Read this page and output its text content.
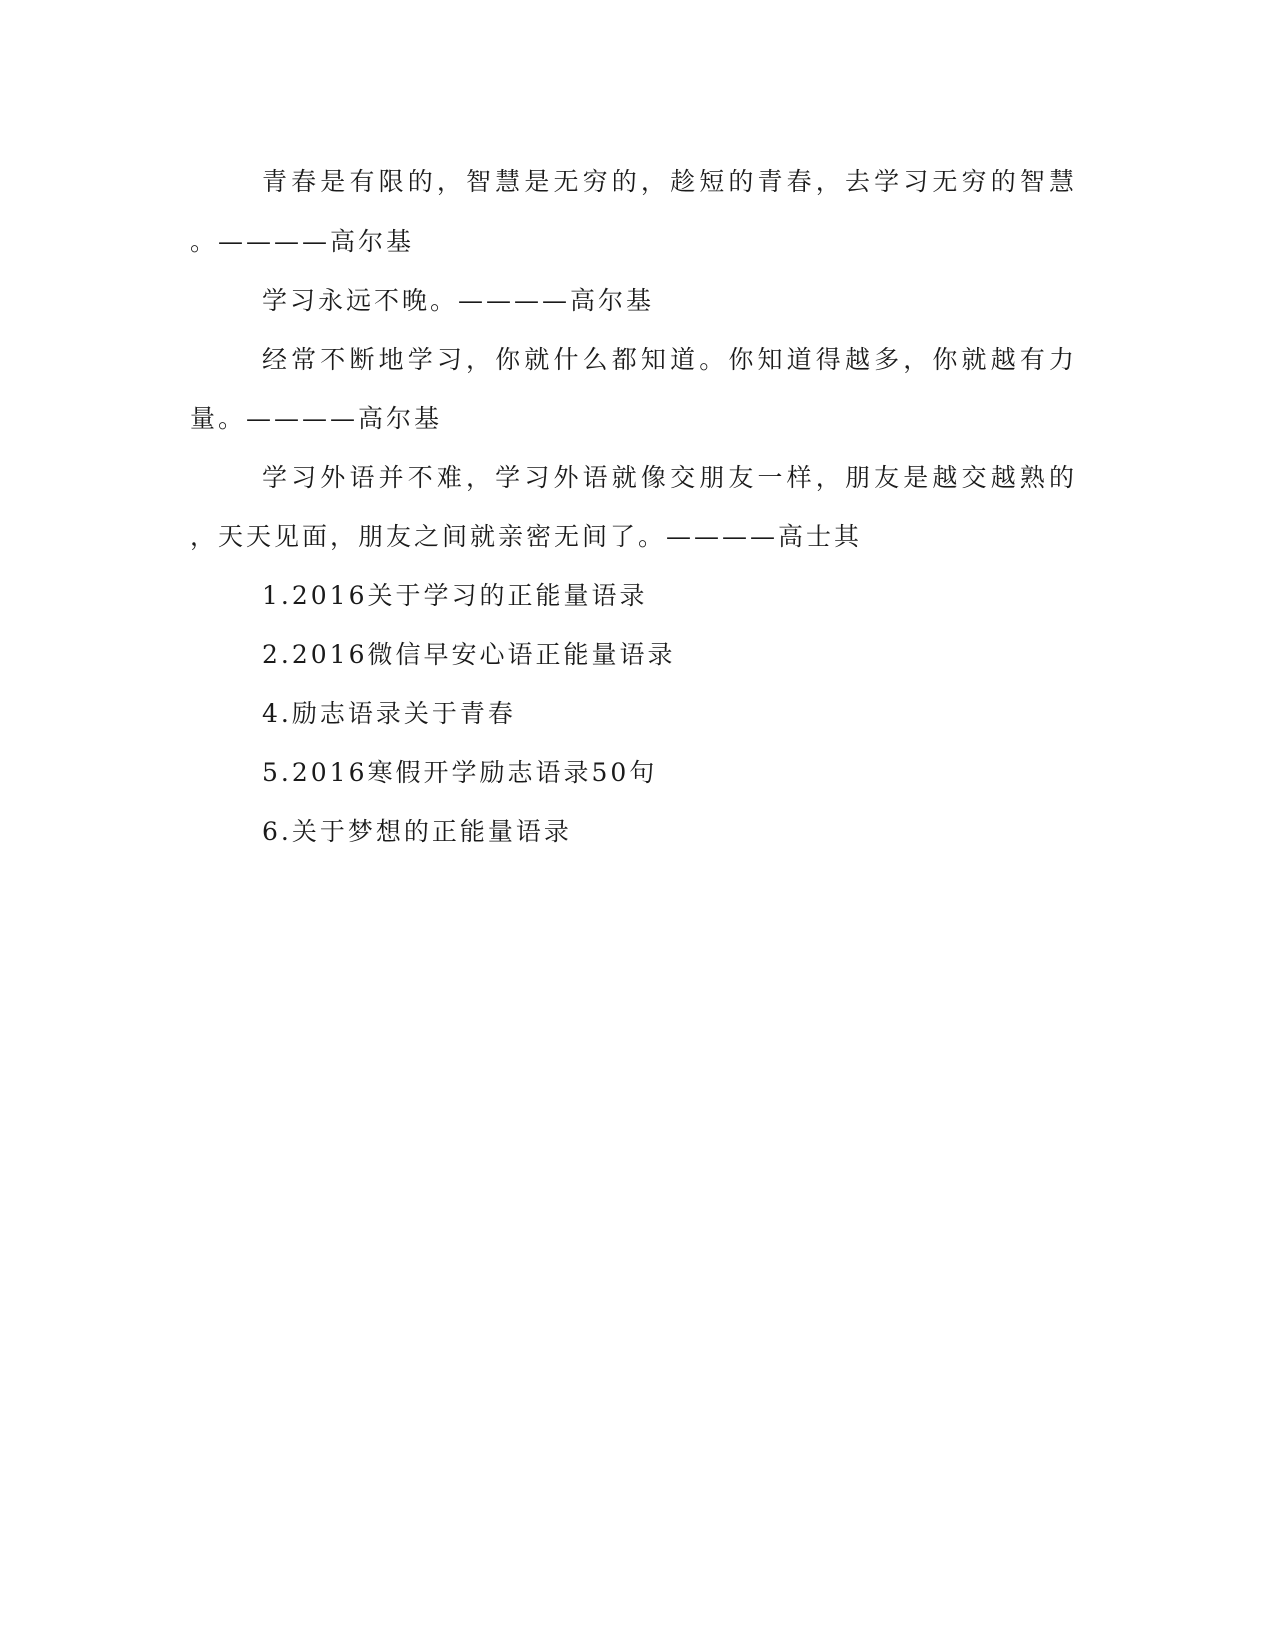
青春是有限的，智慧是无穷的，趁短的青春，去学习无穷的智慧

。————高尔基

学习永远不晚。————高尔基

经常不断地学习，你就什么都知道。你知道得越多，你就越有力

量。————高尔基

学习外语并不难，学习外语就像交朋友一样，朋友是越交越熟的

，天天见面，朋友之间就亲密无间了。————高士其

1.2016关于学习的正能量语录

2.2016微信早安心语正能量语录

4.励志语录关于青春

5.2016寒假开学励志语录50句

6.关于梦想的正能量语录
